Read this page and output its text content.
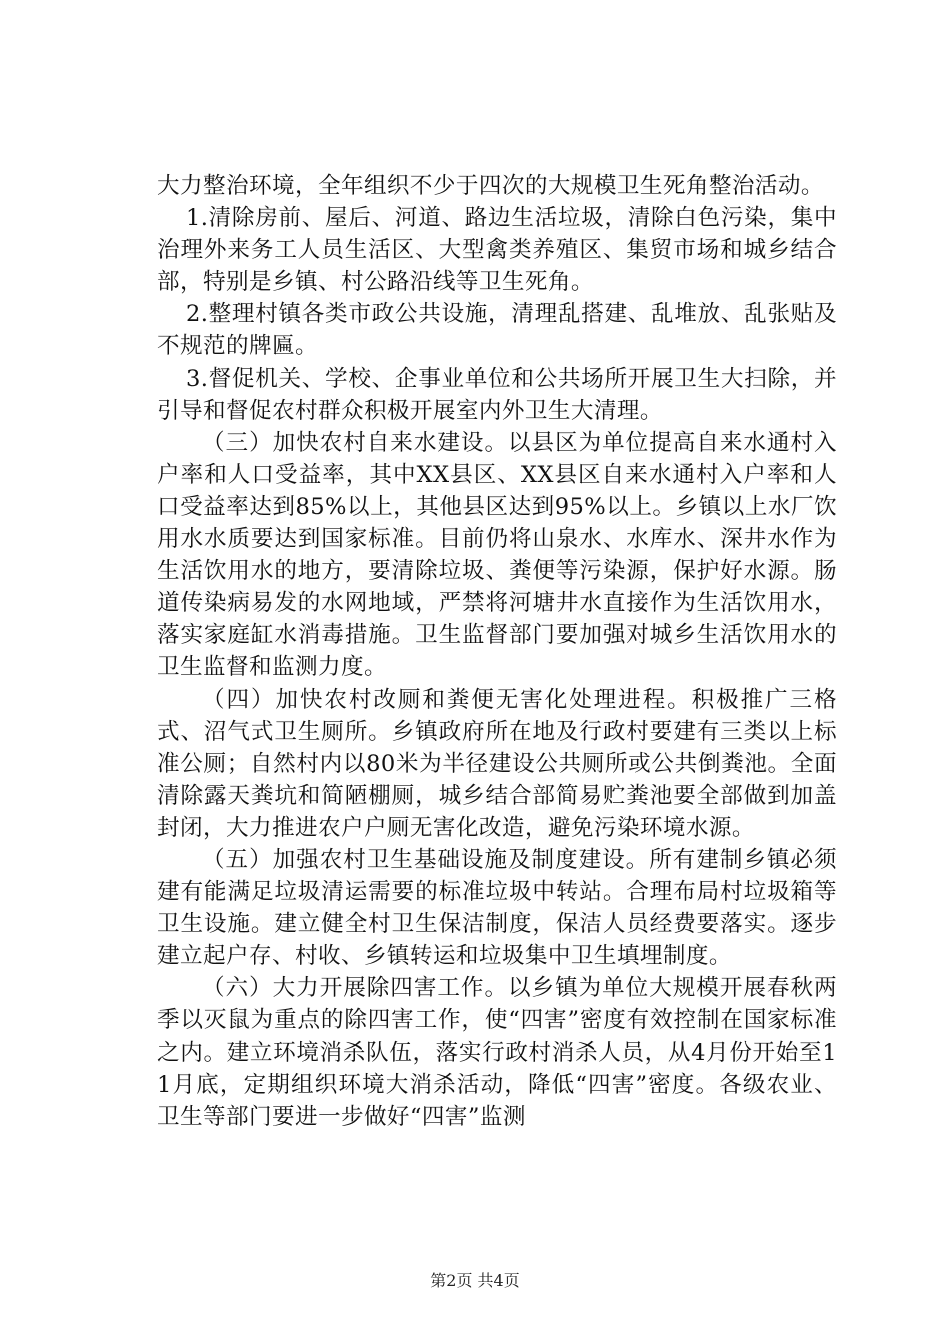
大力整治环境，全年组织不少于四次的大规模卫生死角整治活动。

1.清除房前、屋后、河道、路边生活垃圾，清除白色污染，集中治理外来务工人员生活区、大型禽类养殖区、集贸市场和城乡结合部，特别是乡镇、村公路沿线等卫生死角。

2.整理村镇各类市政公共设施，清理乱搭建、乱堆放、乱张贴及不规范的牌匾。

3.督促机关、学校、企事业单位和公共场所开展卫生大扫除，并引导和督促农村群众积极开展室内外卫生大清理。

（三）加快农村自来水建设。以县区为单位提高自来水通村入户率和人口受益率，其中XX县区、XX县区自来水通村入户率和人口受益率达到85%以上，其他县区达到95%以上。乡镇以上水厂饮用水水质要达到国家标准。目前仍将山泉水、水库水、深井水作为生活饮用水的地方，要清除垃圾、粪便等污染源，保护好水源。肠道传染病易发的水网地域，严禁将河塘井水直接作为生活饮用水，落实家庭缸水消毒措施。卫生监督部门要加强对城乡生活饮用水的卫生监督和监测力度。

（四）加快农村改厕和粪便无害化处理进程。积极推广三格式、沼气式卫生厕所。乡镇政府所在地及行政村要建有三类以上标准公厕；自然村内以80米为半径建设公共厕所或公共倒粪池。全面清除露天粪坑和简陋棚厕，城乡结合部简易贮粪池要全部做到加盖封闭，大力推进农户户厕无害化改造，避免污染环境水源。

（五）加强农村卫生基础设施及制度建设。所有建制乡镇必须建有能满足垃圾清运需要的标准垃圾中转站。合理布局村垃圾箱等卫生设施。建立健全村卫生保洁制度，保洁人员经费要落实。逐步建立起户存、村收、乡镇转运和垃圾集中卫生填埋制度。

（六）大力开展除四害工作。以乡镇为单位大规模开展春秋两季以灭鼠为重点的除四害工作，使“四害”密度有效控制在国家标准之内。建立环境消杀队伍，落实行政村消杀人员，从4月份开始至11月底，定期组织环境大消杀活动，降低“四害”密度。各级农业、卫生等部门要进一步做好“四害”监测

第2页 共4页
